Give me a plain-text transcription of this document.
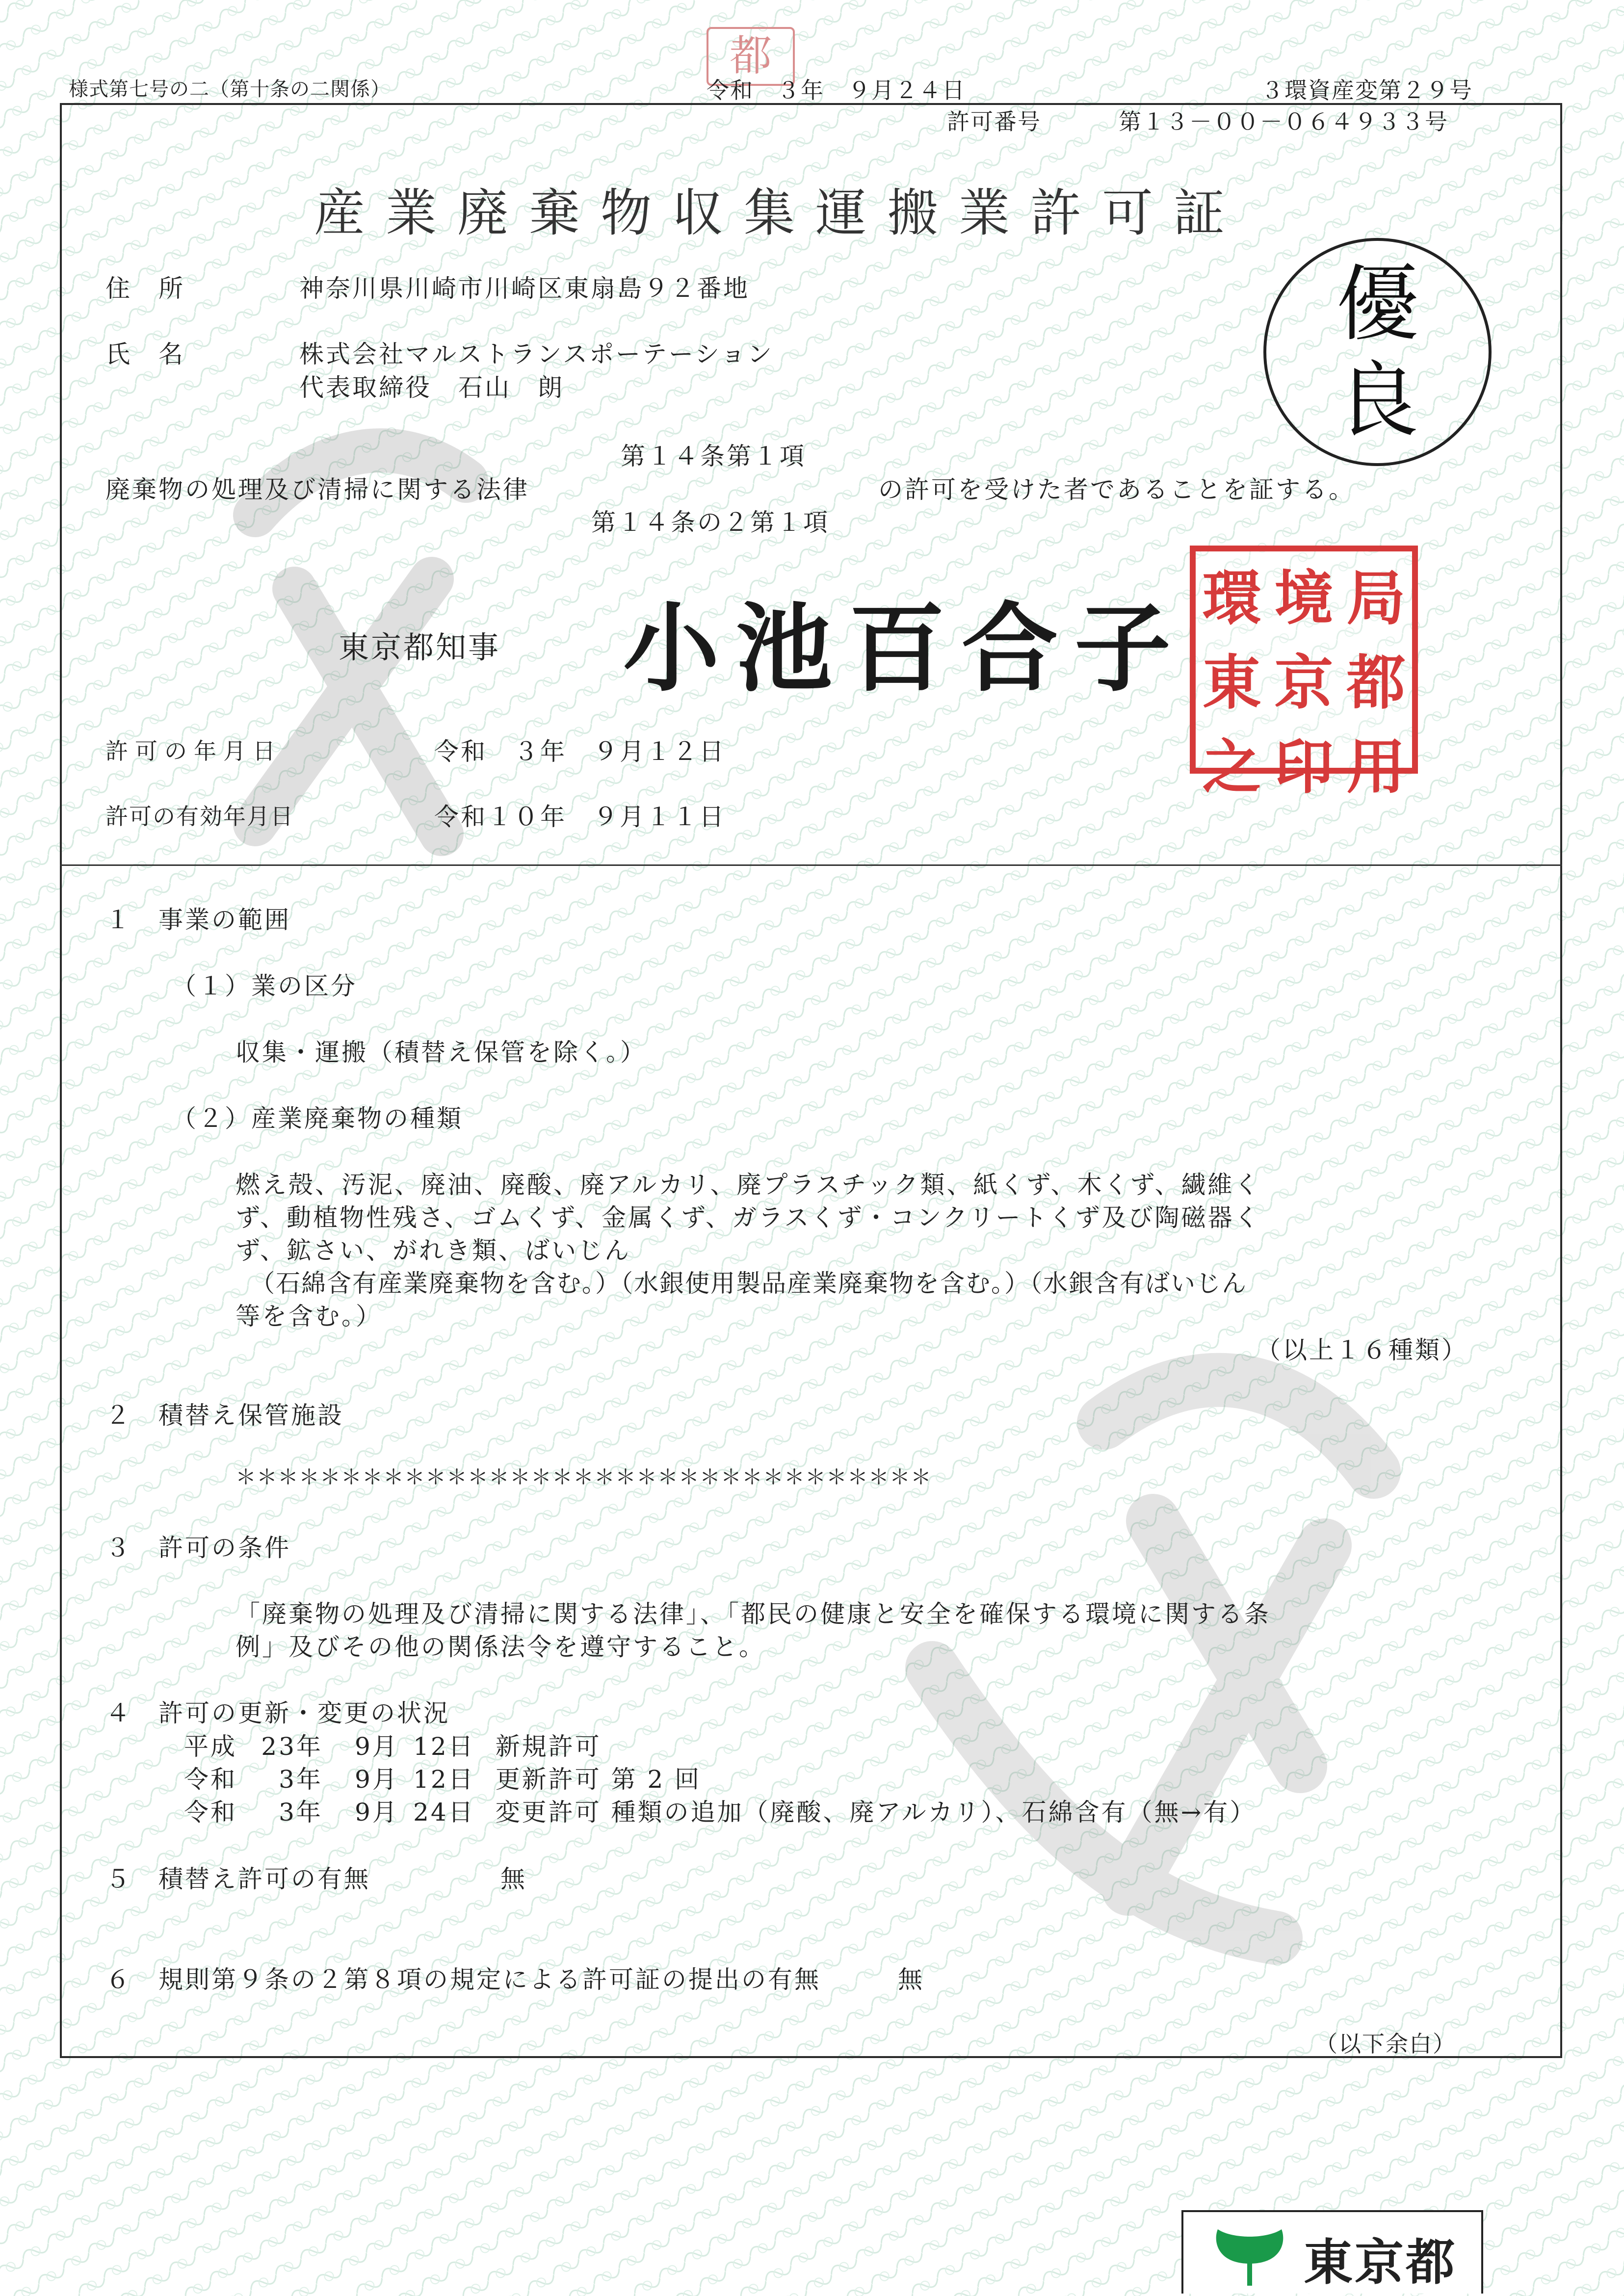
都
様式第七号の二（第十条の二関係）	令和　３年　９月２４日	３環資産変第２９号
許可番号	第１３－００－０６４９３３号
産業廃棄物収集運搬業許可証
優
良
住　所	神奈川県川崎市川崎区東扇島９２番地
氏　名	株式会社マルストランスポーテーション
代表取締役　石山　朗
第１４条第１項
廃棄物の処理及び清掃に関する法律	の許可を受けた者であることを証する。
第１４条の２第１項
東京都知事 小池百合子 環 境 局
東 京 都
之 印 用
許可の年月日	令和　３年　９月１２日
許可の有効年月日	令和１０年　９月１１日
１　事業の範囲
（１）業の区分
収集・運搬（積替え保管を除く。）
（２）産業廃棄物の種類
燃え殻、汚泥、廃油、廃酸、廃アルカリ、廃プラスチック類、紙くず、木くず、繊維く
ず、動植物性残さ、ゴムくず、金属くず、ガラスくず・コンクリートくず及び陶磁器く
ず、鉱さい、がれき類、ばいじん
（石綿含有産業廃棄物を含む。）（水銀使用製品産業廃棄物を含む。）（水銀含有ばいじん
等を含む。）
（以上１６種類）
２　積替え保管施設
＊＊＊＊＊＊＊＊＊＊＊＊＊＊＊＊＊＊＊＊＊＊＊＊＊＊＊＊＊＊＊＊＊
３　許可の条件
「廃棄物の処理及び清掃に関する法律」、「都民の健康と安全を確保する環境に関する条
例」及びその他の関係法令を遵守すること。
４　許可の更新・変更の状況
平成 23年 9月 12日 新規許可
令和 3年 9月 12日 更新許可 第 2 回
令和 3年 9月 24日 変更許可 種類の追加（廃酸、廃アルカリ）、石綿含有（無→有）
５　積替え許可の有無	無
６　規則第９条の２第８項の規定による許可証の提出の有無	無
（以下余白）
東京都
